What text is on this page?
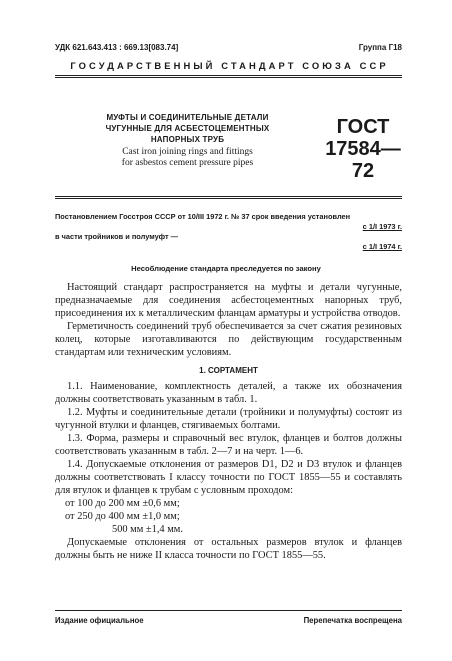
УДК 621.643.413 : 669.13[083.74]	Группа Г18
ГОСУДАРСТВЕННЫЙ СТАНДАРТ СОЮЗА ССР
МУФТЫ И СОЕДИНИТЕЛЬНЫЕ ДЕТАЛИ
ЧУГУННЫЕ ДЛЯ АСБЕСТОЦЕМЕНТНЫХ
НАПОРНЫХ ТРУБ
Cast iron joining rings and fittings
for asbestos cement pressure pipes
ГОСТ
17584—72
Постановлением Госстроя СССР от 10/III 1972 г. № 37 срок введения установлен
с 1/I 1973 г.
в части тройников и полумуфт —
с 1/I 1974 г.
Несоблюдение стандарта преследуется по закону

Настоящий стандарт распространяется на муфты и детали чугунные, предназначаемые для соединения асбестоцементных напорных труб, присоединения их к металлическим фланцам арматуры и устройства отводов.

Герметичность соединений труб обеспечивается за счет сжатия резиновых колец, которые изготавливаются по действующим государственным стандартам или техническим условиям.

1. СОРТАМЕНТ

1.1. Наименование, комплектность деталей, а также их обозначения должны соответствовать указанным в табл. 1.

1.2. Муфты и соединительные детали (тройники и полумуфты) состоят из чугунной втулки и фланцев, стягиваемых болтами.

1.3. Форма, размеры и справочный вес втулок, фланцев и болтов должны соответствовать указанным в табл. 2—7 и на черт. 1—6.

1.4. Допускаемые отклонения от размеров D1, D2 и D3 втулок и фланцев должны соответствовать I классу точности по ГОСТ 1855—55 и составлять для втулок и фланцев к трубам с условным проходом:

от 100 до 200 мм ±0,6 мм;

от 250 до 400 мм ±1,0 мм;

500 мм ±1,4 мм.

Допускаемые отклонения от остальных размеров втулок и фланцев должны быть не ниже II класса точности по ГОСТ 1855—55.

Издание официальное	Перепечатка воспрещена
